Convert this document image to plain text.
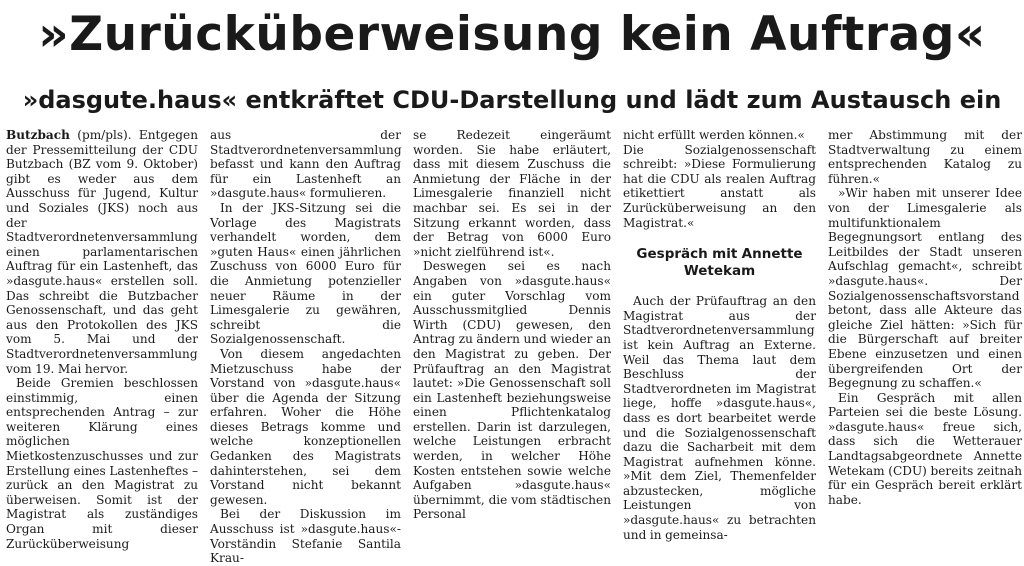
»Zurücküberweisung kein Auftrag«
»dasgute.haus« entkräftet CDU-Darstellung und lädt zum Austausch ein

Butzbach (pm/pls). Entgegen der Pressemitteilung der CDU Butzbach (BZ vom 9. Oktober) gibt es weder aus dem Ausschuss für Jugend, Kultur und Soziales (JKS) noch aus der Stadtverordnetenversammlung einen parlamentarischen Auftrag für ein Lastenheft, das »dasgute.haus« erstellen soll. Das schreibt die Butzbacher Genossenschaft, und das geht aus den Protokollen des JKS vom 5. Mai und der Stadtverordnetenversammlung vom 19. Mai hervor.

Beide Gremien beschlossen einstimmig, einen entsprechenden Antrag – zur weiteren Klärung eines möglichen Mietkostenzuschusses und zur Erstellung eines Lastenheftes – zurück an den Magistrat zu überweisen. Somit ist der Magistrat als zuständiges Organ mit dieser Zurücküberweisung

aus der Stadtverordnetenversammlung befasst und kann den Auftrag für ein Lastenheft an »dasgute.haus« formulieren.

In der JKS-Sitzung sei die Vorlage des Magistrats verhandelt worden, dem »guten Haus« einen jährlichen Zuschuss von 6000 Euro für die Anmietung potenzieller neuer Räume in der Limesgalerie zu gewähren, schreibt die Sozialgenossenschaft.

Von diesem angedachten Mietzuschuss habe der Vorstand von »dasgute.haus« über die Agenda der Sitzung erfahren. Woher die Höhe dieses Betrags komme und welche konzeptionellen Gedanken des Magistrats dahinterstehen, sei dem Vorstand nicht bekannt gewesen.

Bei der Diskussion im Ausschuss ist »dasgute.haus«-Vorständin Stefanie Santila Krau-

se Redezeit eingeräumt worden. Sie habe erläutert, dass mit diesem Zuschuss die Anmietung der Fläche in der Limesgalerie finanziell nicht machbar sei. Es sei in der Sitzung erkannt worden, dass der Betrag von 6000 Euro »nicht zielführend ist«.

Deswegen sei es nach Angaben von »dasgute.haus« ein guter Vorschlag vom Ausschussmitglied Dennis Wirth (CDU) gewesen, den Antrag zu ändern und wieder an den Magistrat zu geben. Der Prüfauftrag an den Magistrat lautet: »Die Genossenschaft soll ein Lastenheft beziehungsweise einen Pflichtenkatalog erstellen. Darin ist darzulegen, welche Leistungen erbracht werden, in welcher Höhe Kosten entstehen sowie welche Aufgaben »dasgute.haus« übernimmt, die vom städtischen Personal

nicht erfüllt werden können.«

Die Sozialgenossenschaft schreibt: »Diese Formulierung hat die CDU als realen Auftrag etikettiert anstatt als Zurücküberweisung an den Magistrat.«

Gespräch mit Annette Wetekam

Auch der Prüfauftrag an den Magistrat aus der Stadtverordnetenversammlung ist kein Auftrag an Externe. Weil das Thema laut dem Beschluss der Stadtverordneten im Magistrat liege, hoffe »dasgute.haus«, dass es dort bearbeitet werde und die Sozialgenossenschaft dazu die Sacharbeit mit dem Magistrat aufnehmen könne. »Mit dem Ziel, Themenfelder abzustecken, mögliche Leistungen von »dasgute.haus« zu betrachten und in gemeinsa-

mer Abstimmung mit der Stadtverwaltung zu einem entsprechenden Katalog zu führen.«

»Wir haben mit unserer Idee von der Limesgalerie als multifunktionalem Begegnungsort entlang des Leitbildes der Stadt unseren Aufschlag gemacht«, schreibt »dasgute.haus«. Der Sozialgenossenschaftsvorstand betont, dass alle Akteure das gleiche Ziel hätten: »Sich für die Bürgerschaft auf breiter Ebene einzusetzen und einen übergreifenden Ort der Begegnung zu schaffen.«

Ein Gespräch mit allen Parteien sei die beste Lösung. »dasgute.haus« freue sich, dass sich die Wetterauer Landtagsabgeordnete Annette Wetekam (CDU) bereits zeitnah für ein Gespräch bereit erklärt habe.
